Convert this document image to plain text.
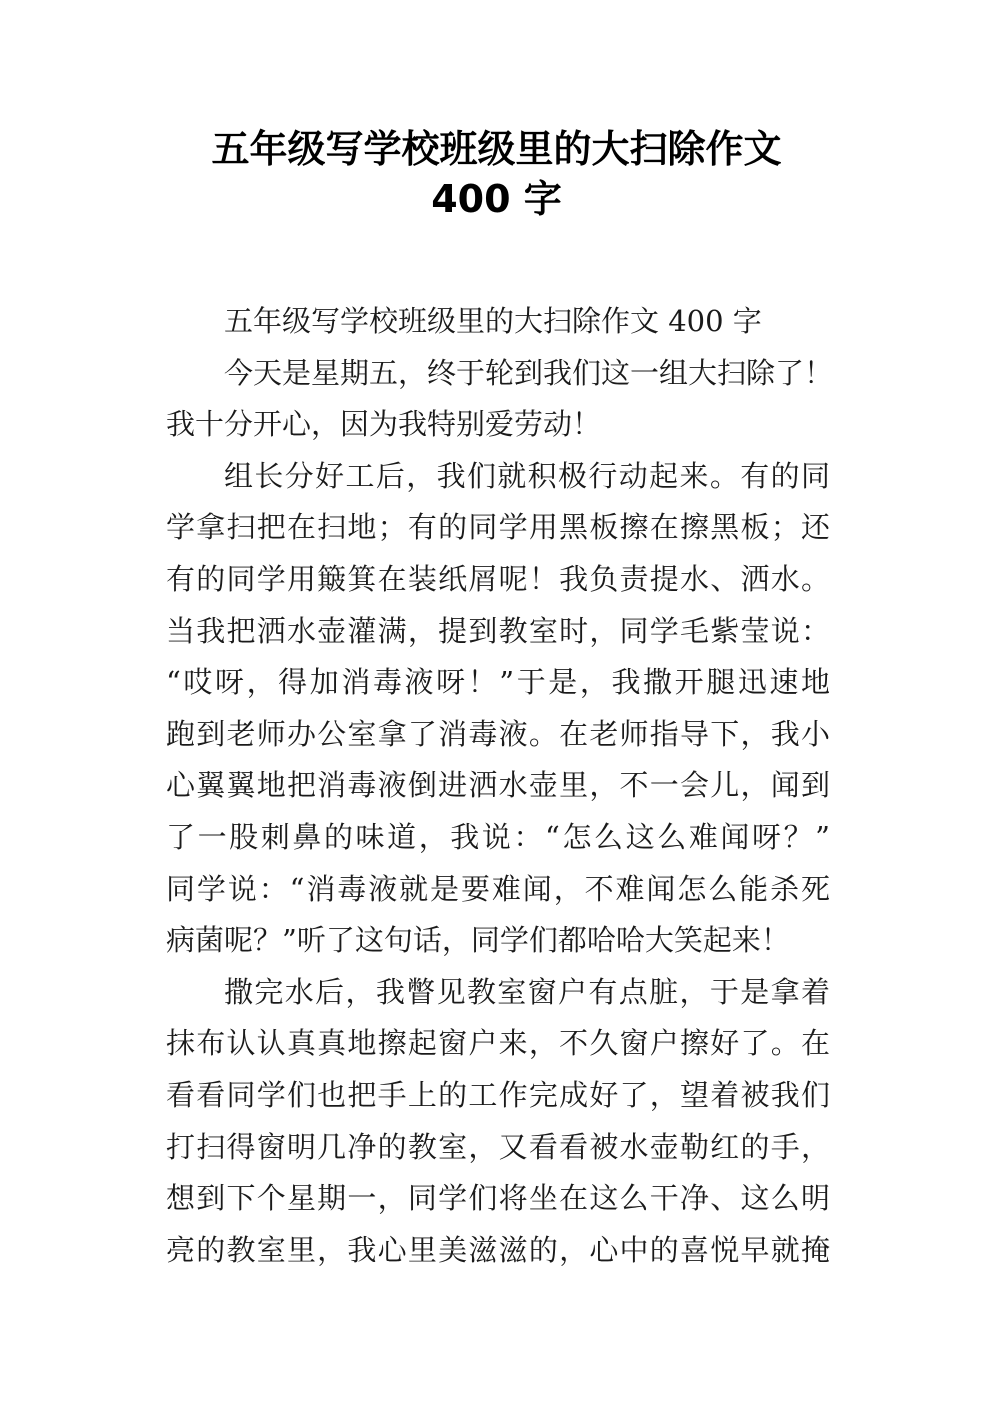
五年级写学校班级里的大扫除作文
400 字
五年级写学校班级里的大扫除作文 400 字
今天是星期五，终于轮到我们这一组大扫除了！
我十分开心，因为我特别爱劳动！
组长分好工后，我们就积极行动起来。有的同
学拿扫把在扫地；有的同学用黑板擦在擦黑板；还
有的同学用簸箕在装纸屑呢！我负责提水、洒水。
当我把洒水壶灌满，提到教室时，同学毛紫莹说：
“哎呀，得加消毒液呀！”于是，我撒开腿迅速地
跑到老师办公室拿了消毒液。在老师指导下，我小
心翼翼地把消毒液倒进洒水壶里，不一会儿，闻到
了一股刺鼻的味道，我说：“怎么这么难闻呀？”
同学说：“消毒液就是要难闻，不难闻怎么能杀死
病菌呢？”听了这句话，同学们都哈哈大笑起来！
撒完水后，我瞥见教室窗户有点脏，于是拿着
抹布认认真真地擦起窗户来，不久窗户擦好了。在
看看同学们也把手上的工作完成好了，望着被我们
打扫得窗明几净的教室，又看看被水壶勒红的手，
想到下个星期一，同学们将坐在这么干净、这么明
亮的教室里，我心里美滋滋的，心中的喜悦早就掩
